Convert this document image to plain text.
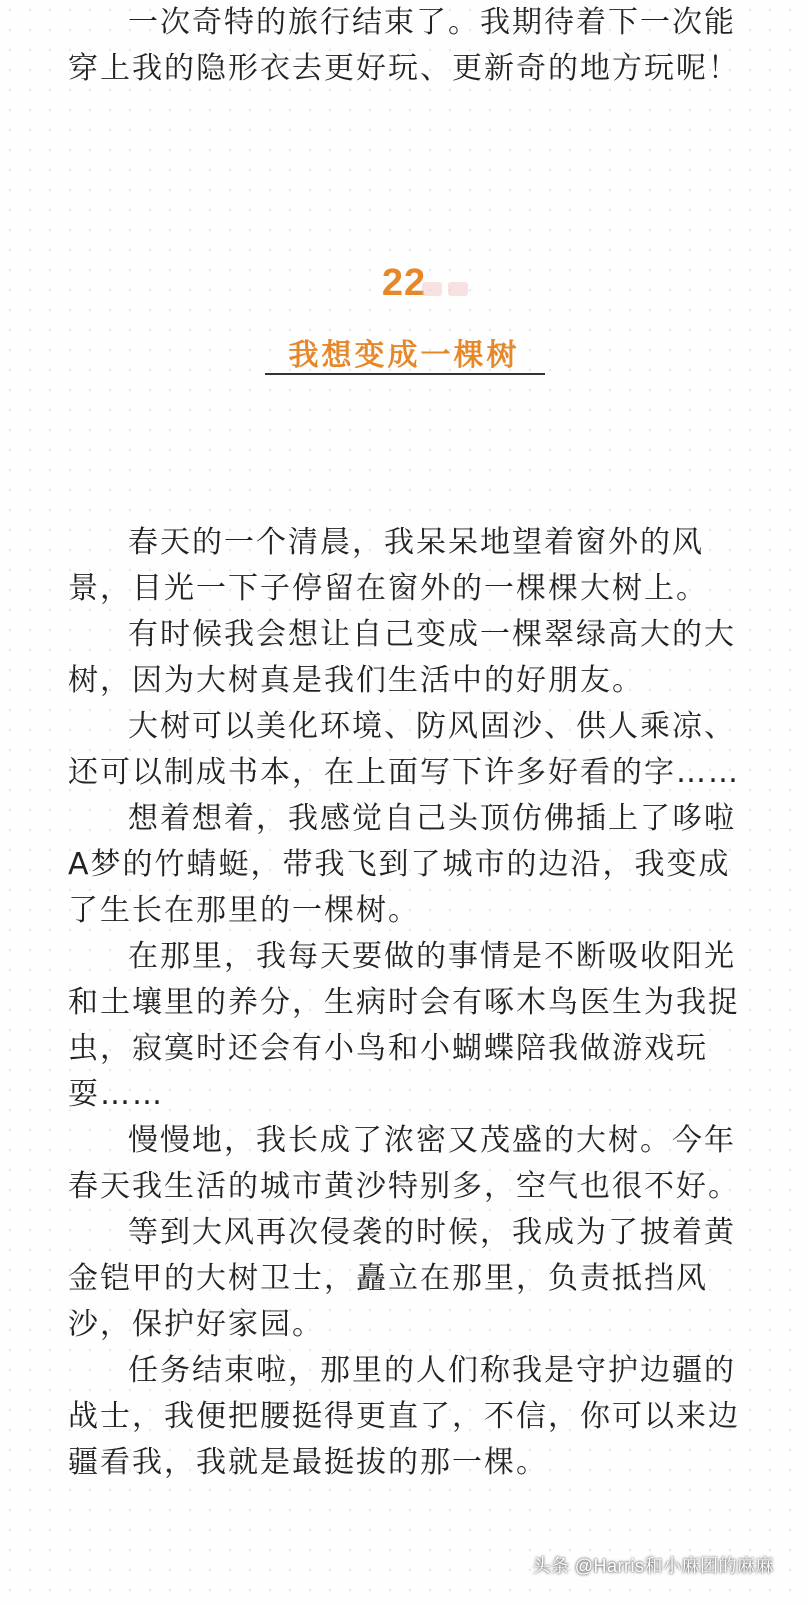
一次奇特的旅行结束了。我期待着下一次能穿上我的隐形衣去更好玩、更新奇的地方玩呢！

22
我想变成一棵树

春天的一个清晨，我呆呆地望着窗外的风景，目光一下子停留在窗外的一棵棵大树上。

有时候我会想让自己变成一棵翠绿高大的大树，因为大树真是我们生活中的好朋友。

大树可以美化环境、防风固沙、供人乘凉、还可以制成书本，在上面写下许多好看的字……

想着想着，我感觉自己头顶仿佛插上了哆啦A梦的竹蜻蜓，带我飞到了城市的边沿，我变成了生长在那里的一棵树。

在那里，我每天要做的事情是不断吸收阳光和土壤里的养分，生病时会有啄木鸟医生为我捉虫，寂寞时还会有小鸟和小蝴蝶陪我做游戏玩耍……

慢慢地，我长成了浓密又茂盛的大树。今年春天我生活的城市黄沙特别多，空气也很不好。

等到大风再次侵袭的时候，我成为了披着黄金铠甲的大树卫士，矗立在那里，负责抵挡风沙，保护好家园。

任务结束啦，那里的人们称我是守护边疆的战士，我便把腰挺得更直了，不信，你可以来边疆看我，我就是最挺拔的那一棵。

头条 @Harris和小麻团的麻麻
